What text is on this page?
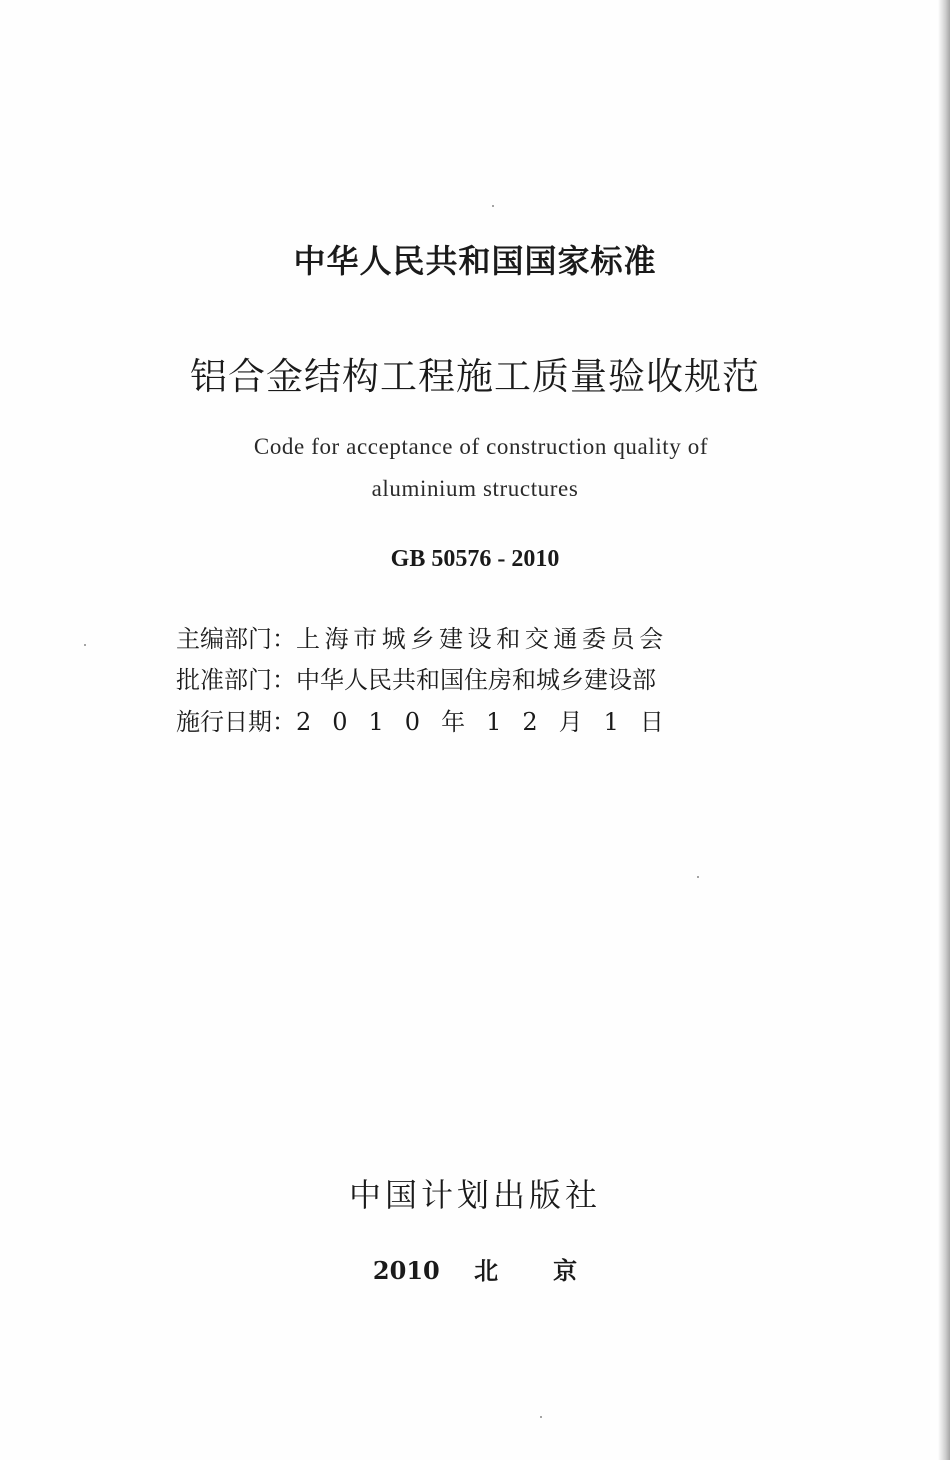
中华人民共和国国家标准
铝合金结构工程施工质量验收规范
Code for acceptance of construction quality of
aluminium structures
GB 50576 - 2010
主编部门： 上海市城乡建设和交通委员会
批准部门： 中华人民共和国住房和城乡建设部
施行日期： 2010年12月1日
中国计划出版社
2010 北京
